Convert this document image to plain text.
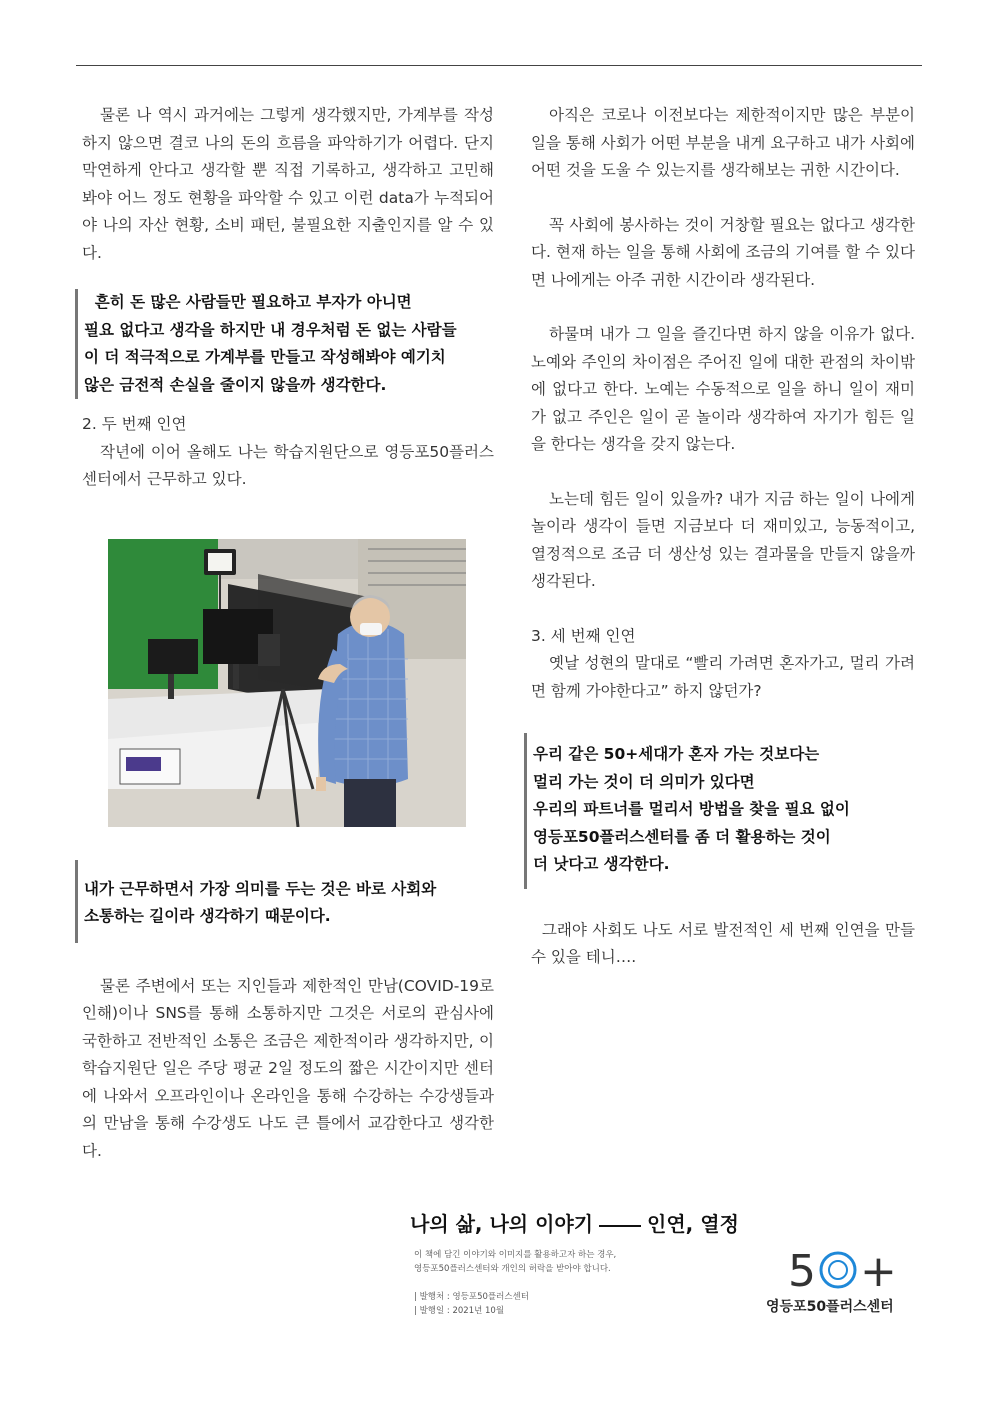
물론 나 역시 과거에는 그렇게 생각했지만, 가계부를 작성하지 않으면 결코 나의 돈의 흐름을 파악하기가 어렵다. 단지 막연하게 안다고 생각할 뿐 직접 기록하고, 생각하고 고민해봐야 어느 정도 현황을 파악할 수 있고 이런 data가 누적되어야 나의 자산 현황, 소비 패턴, 불필요한 지출인지를 알 수 있다.

흔히 돈 많은 사람들만 필요하고 부자가 아니면
필요 없다고 생각을 하지만 내 경우처럼 돈 없는 사람들
이 더 적극적으로 가계부를 만들고 작성해봐야 예기치
않은 금전적 손실을 줄이지 않을까 생각한다.

2. 두 번째 인연

작년에 이어 올해도 나는 학습지원단으로 영등포50플러스센터에서 근무하고 있다.

내가 근무하면서 가장 의미를 두는 것은 바로 사회와
소통하는 길이라 생각하기 때문이다.

물론 주변에서 또는 지인들과 제한적인 만남(COVID-19로 인해)이나 SNS를 통해 소통하지만 그것은 서로의 관심사에 국한하고 전반적인 소통은 조금은 제한적이라 생각하지만, 이 학습지원단 일은 주당 평균 2일 정도의 짧은 시간이지만 센터에 나와서 오프라인이나 온라인을 통해 수강하는 수강생들과의 만남을 통해 수강생도 나도 큰 틀에서 교감한다고 생각한다.

아직은 코로나 이전보다는 제한적이지만 많은 부분이 일을 통해 사회가 어떤 부분을 내게 요구하고 내가 사회에 어떤 것을 도울 수 있는지를 생각해보는 귀한 시간이다.

꼭 사회에 봉사하는 것이 거창할 필요는 없다고 생각한다. 현재 하는 일을 통해 사회에 조금의 기여를 할 수 있다면 나에게는 아주 귀한 시간이라 생각된다.

하물며 내가 그 일을 즐긴다면 하지 않을 이유가 없다. 노예와 주인의 차이점은 주어진 일에 대한 관점의 차이밖에 없다고 한다. 노예는 수동적으로 일을 하니 일이 재미가 없고 주인은 일이 곧 놀이라 생각하여 자기가 힘든 일을 한다는 생각을 갖지 않는다.

노는데 힘든 일이 있을까? 내가 지금 하는 일이 나에게 놀이라 생각이 들면 지금보다 더 재미있고, 능동적이고, 열정적으로 조금 더 생산성 있는 결과물을 만들지 않을까 생각된다.

3. 세 번째 인연

옛날 성현의 말대로 “빨리 가려면 혼자가고, 멀리 가려면 함께 가야한다고” 하지 않던가?

우리 같은 50+세대가 혼자 가는 것보다는
멀리 가는 것이 더 의미가 있다면
우리의 파트너를 멀리서 방법을 찾을 필요 없이
영등포50플러스센터를 좀 더 활용하는 것이
더 낫다고 생각한다.

그래야 사회도 나도 서로 발전적인 세 번째 인연을 만들 수 있을 테니….

나의 삶, 나의 이야기	인연, 열정
이 책에 담긴 이야기와 이미지를 활용하고자 하는 경우,
영등포50플러스센터와 개인의 허락을 받아야 합니다.
| 발행처 : 영등포50플러스센터
| 발행일 : 2021년 10월
5 +
영등포50플러스센터
